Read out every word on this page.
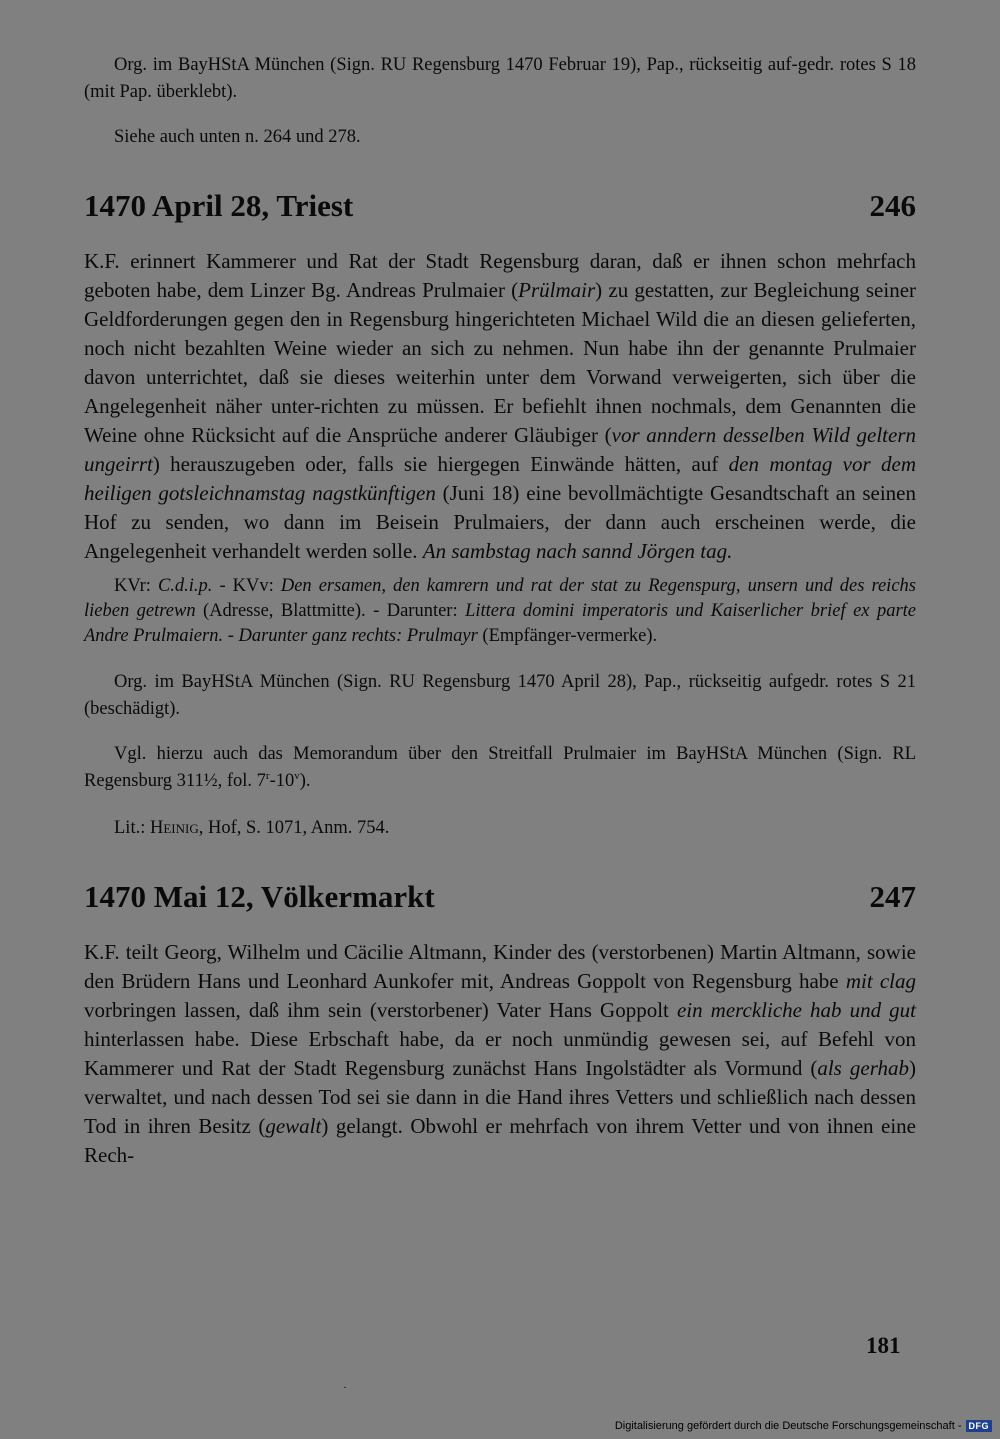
Org. im BayHStA München (Sign. RU Regensburg 1470 Februar 19), Pap., rückseitig auf-gedr. rotes S 18 (mit Pap. überklebt).

Siehe auch unten n. 264 und 278.

1470 April 28, Triest	246

K.F. erinnert Kammerer und Rat der Stadt Regensburg daran, daß er ihnen schon mehrfach geboten habe, dem Linzer Bg. Andreas Prulmaier (Prülmair) zu gestatten, zur Begleichung seiner Geldforderungen gegen den in Regensburg hingerichteten Michael Wild die an diesen gelieferten, noch nicht bezahlten Weine wieder an sich zu nehmen. Nun habe ihn der genannte Prulmaier davon unterrichtet, daß sie dieses weiterhin unter dem Vorwand verweigerten, sich über die Angelegenheit näher unter-richten zu müssen. Er befiehlt ihnen nochmals, dem Genannten die Weine ohne Rücksicht auf die Ansprüche anderer Gläubiger (vor anndern desselben Wild geltern ungeirrt) herauszugeben oder, falls sie hiergegen Einwände hätten, auf den montag vor dem heiligen gotsleichnamstag nagstkünftigen (Juni 18) eine bevollmächtigte Gesandtschaft an seinen Hof zu senden, wo dann im Beisein Prulmaiers, der dann auch erscheinen werde, die Angelegenheit verhandelt werden solle. An sambstag nach sannd Jörgen tag.

KVr: C.d.i.p. - KVv: Den ersamen, den kamrern und rat der stat zu Regenspurg, unsern und des reichs lieben getrewn (Adresse, Blattmitte). - Darunter: Littera domini imperatoris und Kaiserlicher brief ex parte Andre Prulmaiern. - Darunter ganz rechts: Prulmayr (Empfänger-vermerke).

Org. im BayHStA München (Sign. RU Regensburg 1470 April 28), Pap., rückseitig aufgedr. rotes S 21 (beschädigt).

Vgl. hierzu auch das Memorandum über den Streitfall Prulmaier im BayHStA München (Sign. RL Regensburg 311½, fol. 7$^r$-10$^v$).

Lit.: Heinig, Hof, S. 1071, Anm. 754.

1470 Mai 12, Völkermarkt	247

K.F. teilt Georg, Wilhelm und Cäcilie Altmann, Kinder des (verstorbenen) Martin Altmann, sowie den Brüdern Hans und Leonhard Aunkofer mit, Andreas Goppolt von Regensburg habe mit clag vorbringen lassen, daß ihm sein (verstorbener) Vater Hans Goppolt ein merckliche hab und gut hinterlassen habe. Diese Erbschaft habe, da er noch unmündig gewesen sei, auf Befehl von Kammerer und Rat der Stadt Regensburg zunächst Hans Ingolstädter als Vormund (als gerhab) verwaltet, und nach dessen Tod sei sie dann in die Hand ihres Vetters und schließlich nach dessen Tod in ihren Besitz (gewalt) gelangt. Obwohl er mehrfach von ihrem Vetter und von ihnen eine Rech-

181
·
Digitalisierung gefördert durch die Deutsche Forschungsgemeinschaft - DFG
